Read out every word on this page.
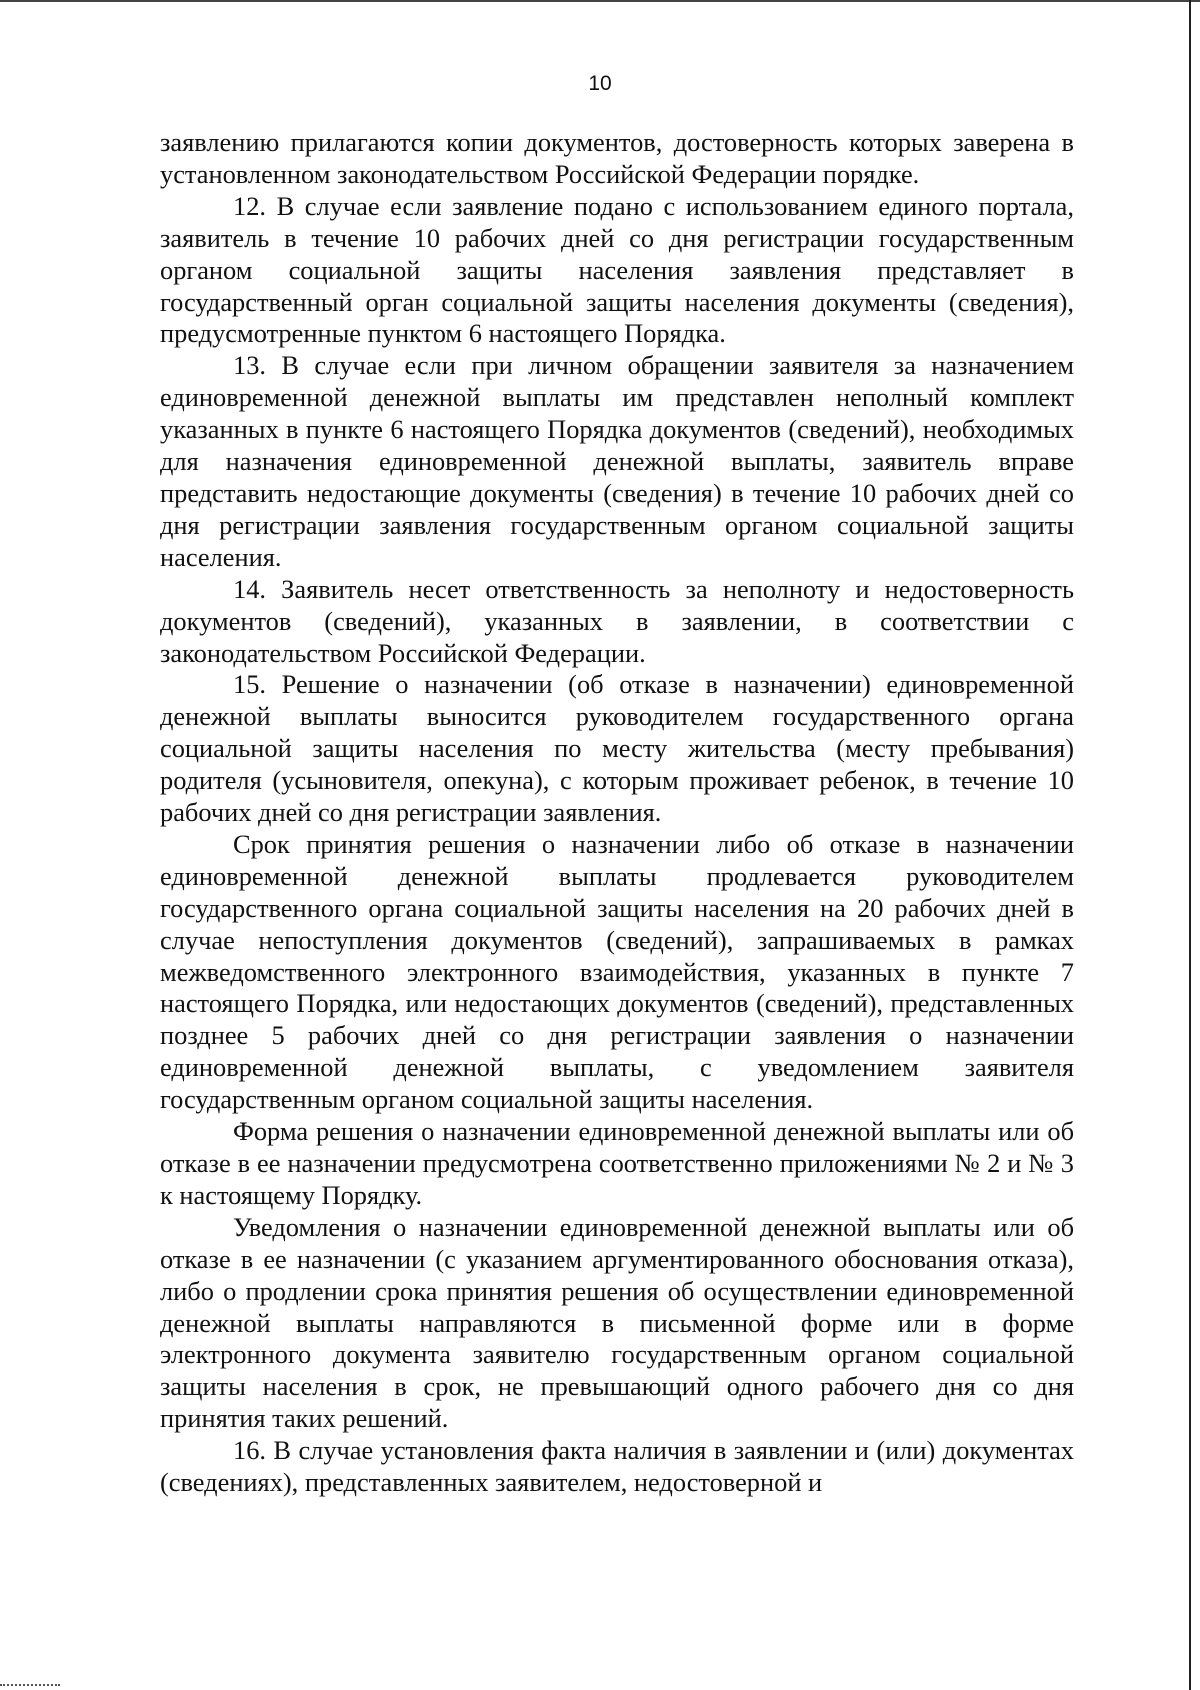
10

заявлению прилагаются копии документов, достоверность которых заверена в установленном законодательством Российской Федерации порядке.

12. В случае если заявление подано с использованием единого портала, заявитель в течение 10 рабочих дней со дня регистрации государственным органом социальной защиты населения заявления представляет в государственный орган социальной защиты населения документы (сведения), предусмотренные пунктом 6 настоящего Порядка.

13. В случае если при личном обращении заявителя за назначением единовременной денежной выплаты им представлен неполный комплект указанных в пункте 6 настоящего Порядка документов (сведений), необходимых для назначения единовременной денежной выплаты, заявитель вправе представить недостающие документы (сведения) в течение 10 рабочих дней со дня регистрации заявления государственным органом социальной защиты населения.

14. Заявитель несет ответственность за неполноту и недостоверность документов (сведений), указанных в заявлении, в соответствии с законодательством Российской Федерации.

15. Решение о назначении (об отказе в назначении) единовременной денежной выплаты выносится руководителем государственного органа социальной защиты населения по месту жительства (месту пребывания) родителя (усыновителя, опекуна), с которым проживает ребенок, в течение 10 рабочих дней со дня регистрации заявления.

Срок принятия решения о назначении либо об отказе в назначении единовременной денежной выплаты продлевается руководителем государственного органа социальной защиты населения на 20 рабочих дней в случае непоступления документов (сведений), запрашиваемых в рамках межведомственного электронного взаимодействия, указанных в пункте 7 настоящего Порядка, или недостающих документов (сведений), представленных позднее 5 рабочих дней со дня регистрации заявления о назначении единовременной денежной выплаты, с уведомлением заявителя государственным органом социальной защиты населения.

Форма решения о назначении единовременной денежной выплаты или об отказе в ее назначении предусмотрена соответственно приложениями № 2 и № 3 к настоящему Порядку.

Уведомления о назначении единовременной денежной выплаты или об отказе в ее назначении (с указанием аргументированного обоснования отказа), либо о продлении срока принятия решения об осуществлении единовременной денежной выплаты направляются в письменной форме или в форме электронного документа заявителю государственным органом социальной защиты населения в срок, не превышающий одного рабочего дня со дня принятия таких решений.

16. В случае установления факта наличия в заявлении и (или) документах (сведениях), представленных заявителем, недостоверной и
